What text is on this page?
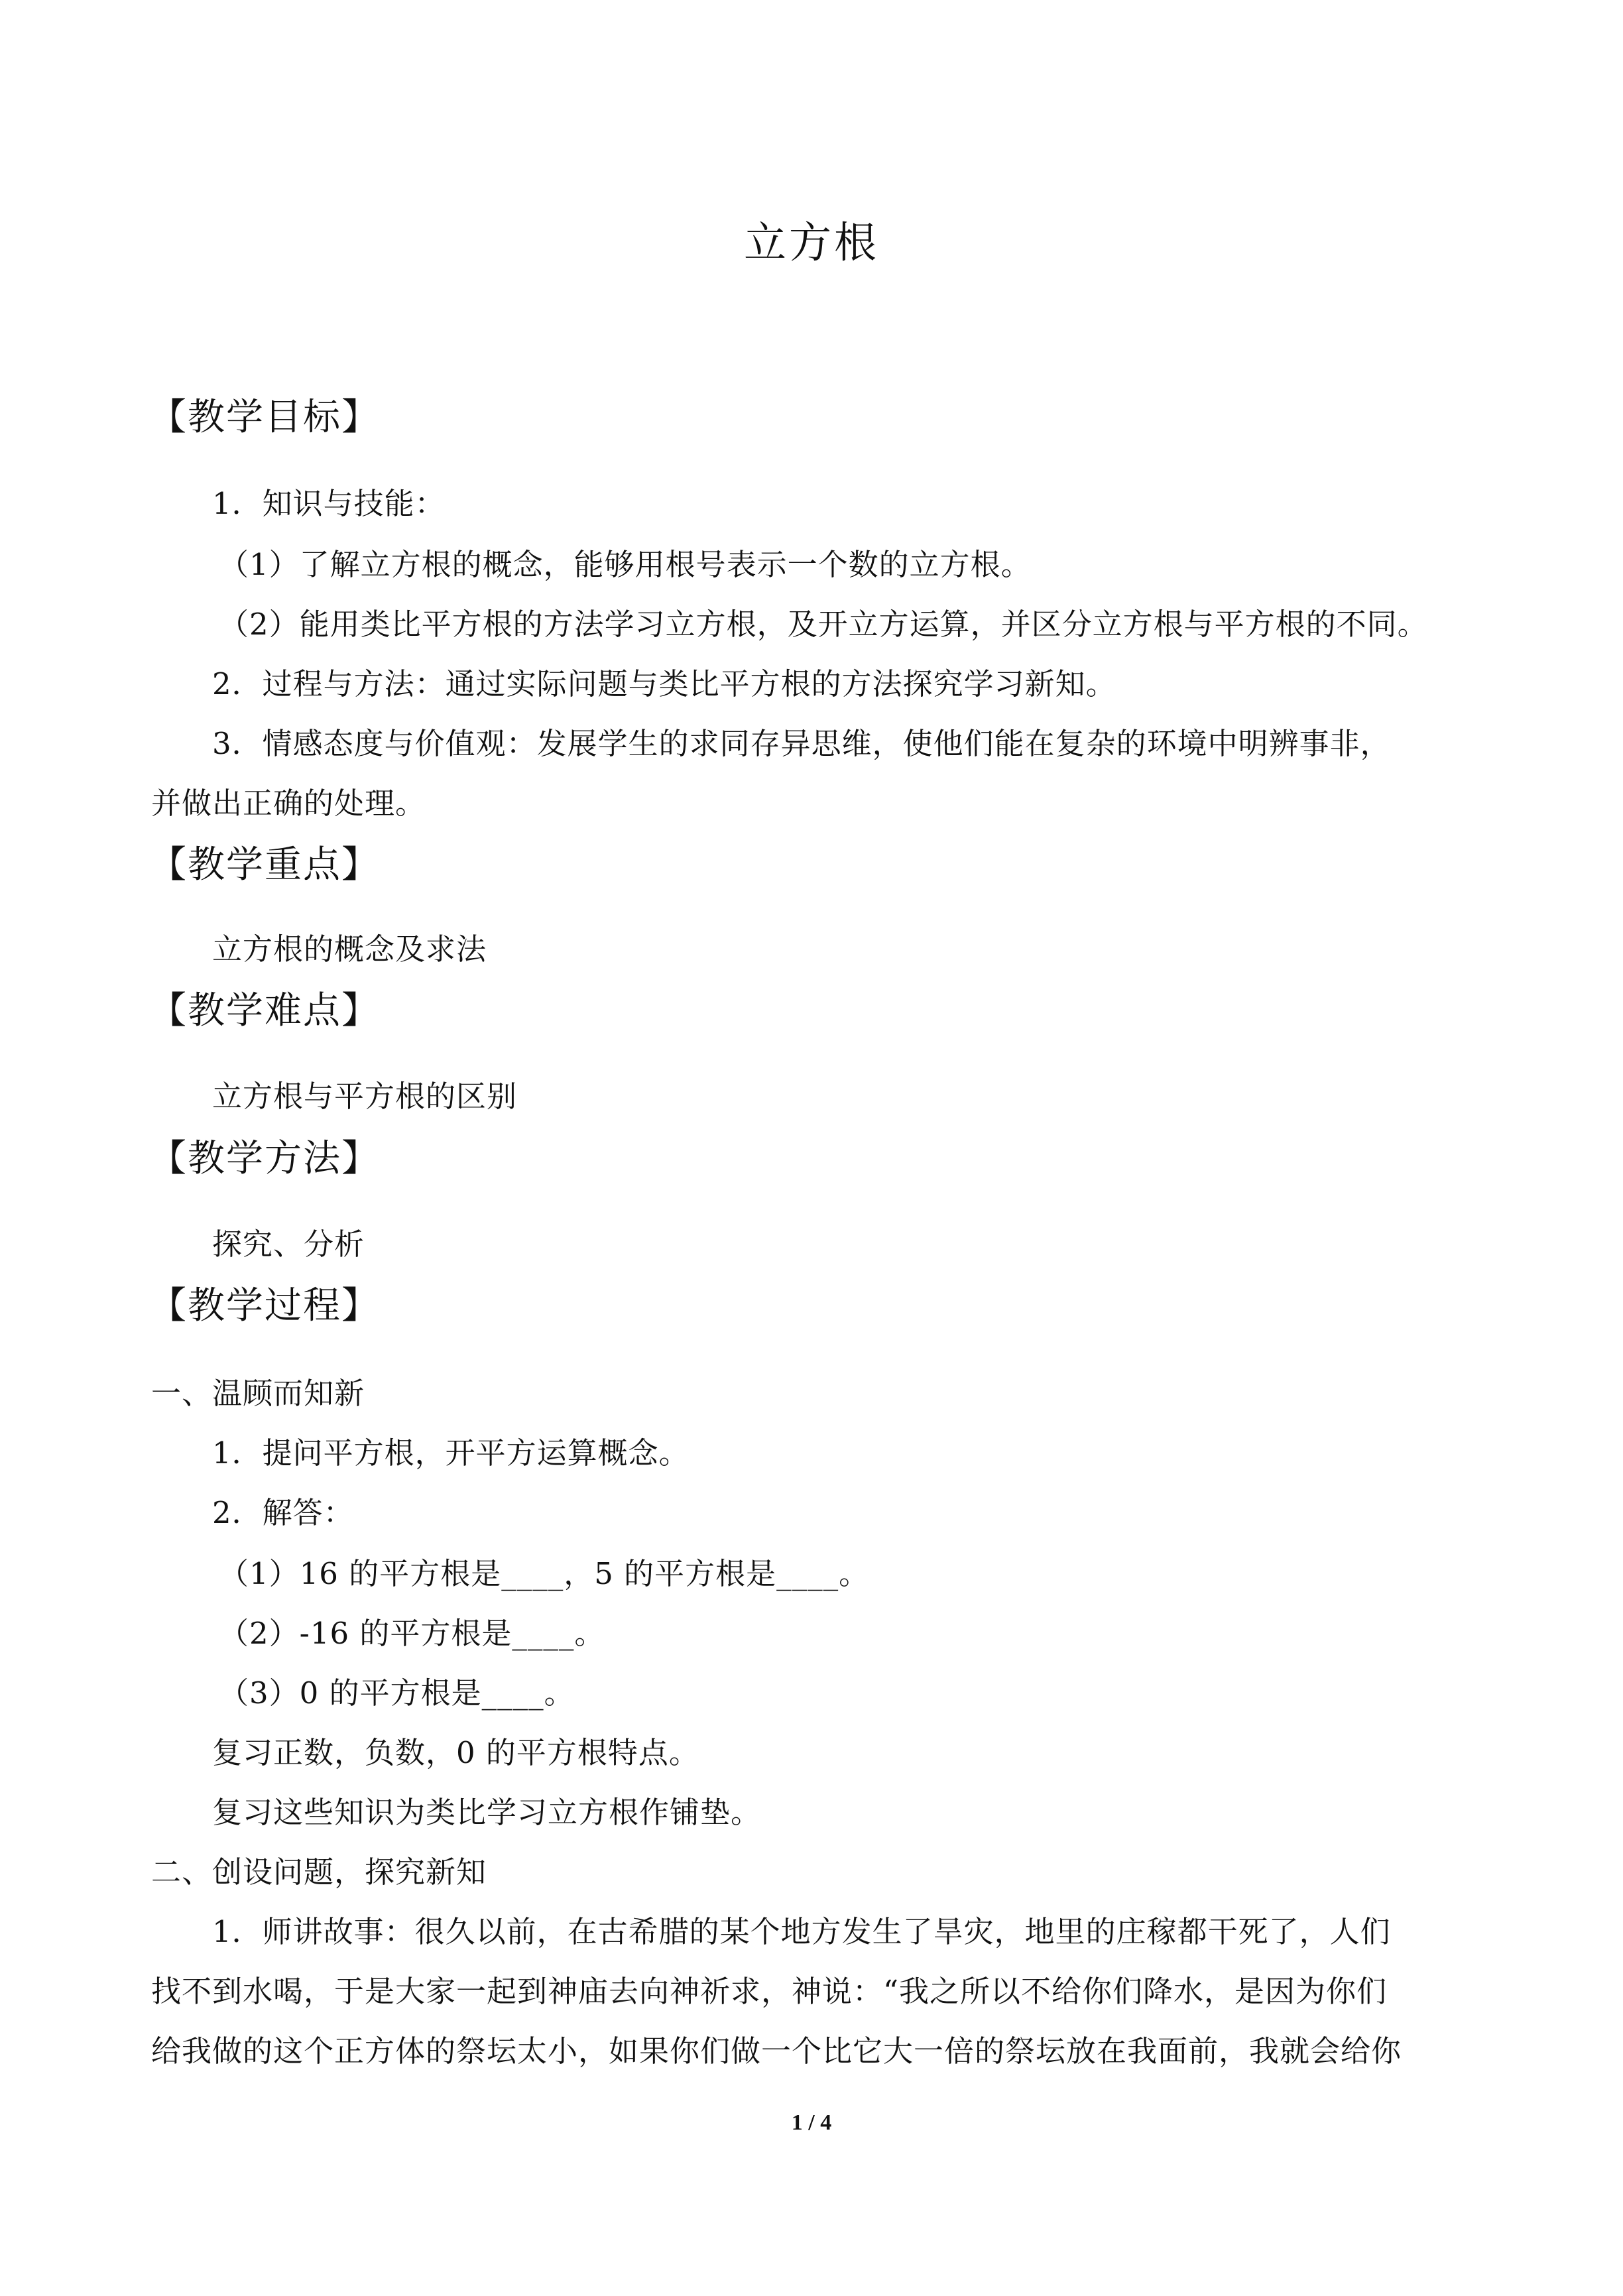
立方根
【教学目标】
1．知识与技能：
（1）了解立方根的概念，能够用根号表示一个数的立方根。
（2）能用类比平方根的方法学习立方根，及开立方运算，并区分立方根与平方根的不同。
2．过程与方法：通过实际问题与类比平方根的方法探究学习新知。
3．情感态度与价值观：发展学生的求同存异思维，使他们能在复杂的环境中明辨事非，
并做出正确的处理。
【教学重点】
立方根的概念及求法
【教学难点】
立方根与平方根的区别
【教学方法】
探究、分析
【教学过程】
一、温顾而知新
1．提问平方根，开平方运算概念。
2．解答：
（1）16 的平方根是____，5 的平方根是____。
（2）-16 的平方根是____。
（3）0 的平方根是____。
复习正数，负数，0 的平方根特点。
复习这些知识为类比学习立方根作铺垫。
二、创设问题，探究新知
1．师讲故事：很久以前，在古希腊的某个地方发生了旱灾，地里的庄稼都干死了，人们
找不到水喝，于是大家一起到神庙去向神祈求，神说：“我之所以不给你们降水，是因为你们
给我做的这个正方体的祭坛太小，如果你们做一个比它大一倍的祭坛放在我面前，我就会给你
1 / 4
